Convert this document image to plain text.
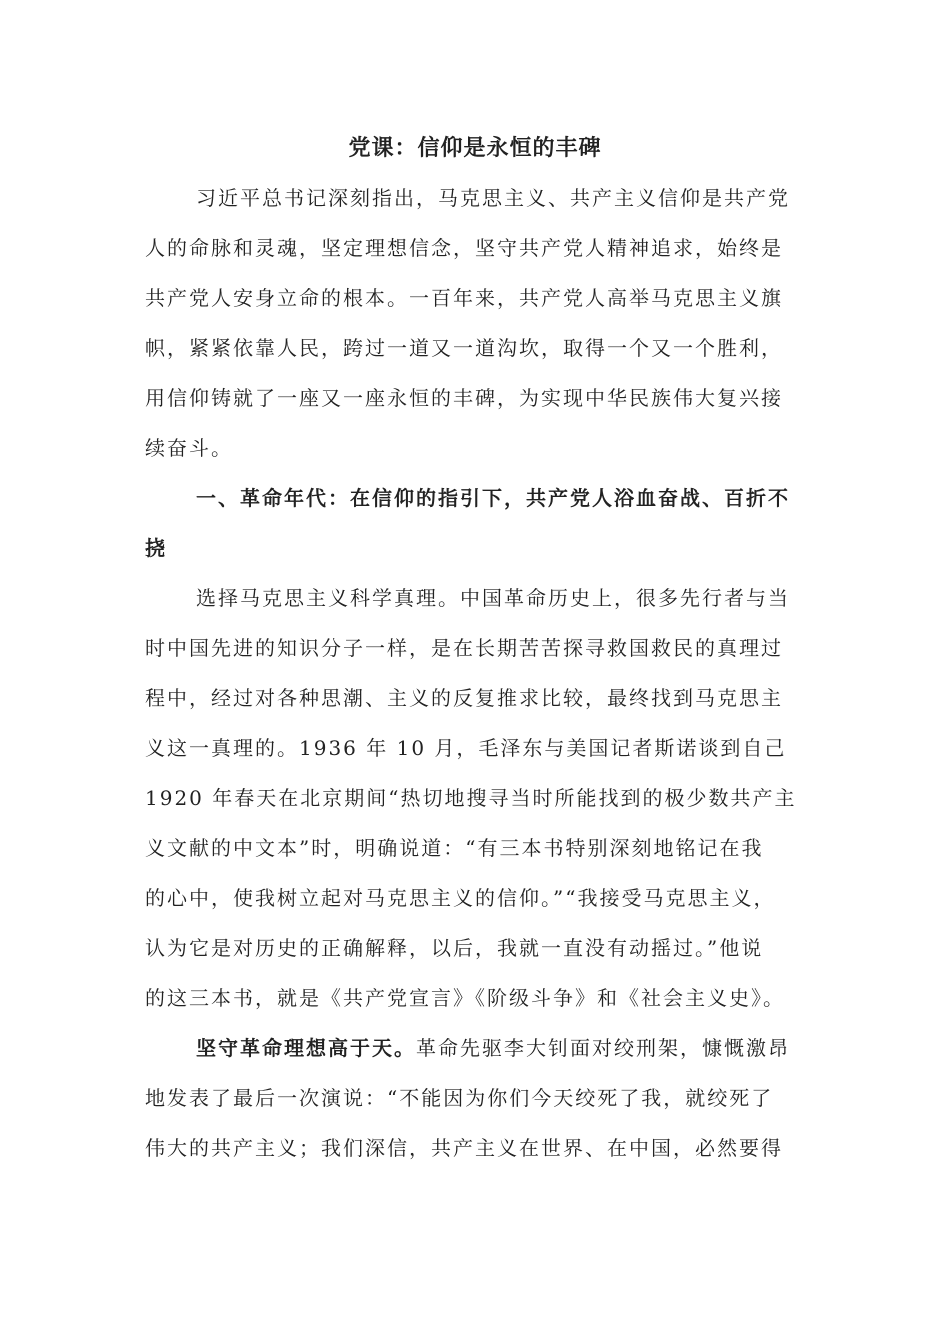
党课：信仰是永恒的丰碑
习近平总书记深刻指出，马克思主义、共产主义信仰是共产党
人的命脉和灵魂，坚定理想信念，坚守共产党人精神追求，始终是
共产党人安身立命的根本。一百年来，共产党人高举马克思主义旗
帜，紧紧依靠人民，跨过一道又一道沟坎，取得一个又一个胜利，
用信仰铸就了一座又一座永恒的丰碑，为实现中华民族伟大复兴接
续奋斗。
一、革命年代：在信仰的指引下，共产党人浴血奋战、百折不
挠
选择马克思主义科学真理。中国革命历史上，很多先行者与当
时中国先进的知识分子一样，是在长期苦苦探寻救国救民的真理过
程中，经过对各种思潮、主义的反复推求比较，最终找到马克思主
义这一真理的。1936 年 10 月，毛泽东与美国记者斯诺谈到自己
1920 年春天在北京期间“热切地搜寻当时所能找到的极少数共产主
义文献的中文本”时，明确说道：“有三本书特别深刻地铭记在我
的心中，使我树立起对马克思主义的信仰。”“我接受马克思主义，
认为它是对历史的正确解释，以后，我就一直没有动摇过。”他说
的这三本书，就是《共产党宣言》《阶级斗争》和《社会主义史》。
坚守革命理想高于天。革命先驱李大钊面对绞刑架，慷慨激昂
地发表了最后一次演说：“不能因为你们今天绞死了我，就绞死了
伟大的共产主义；我们深信，共产主义在世界、在中国，必然要得
